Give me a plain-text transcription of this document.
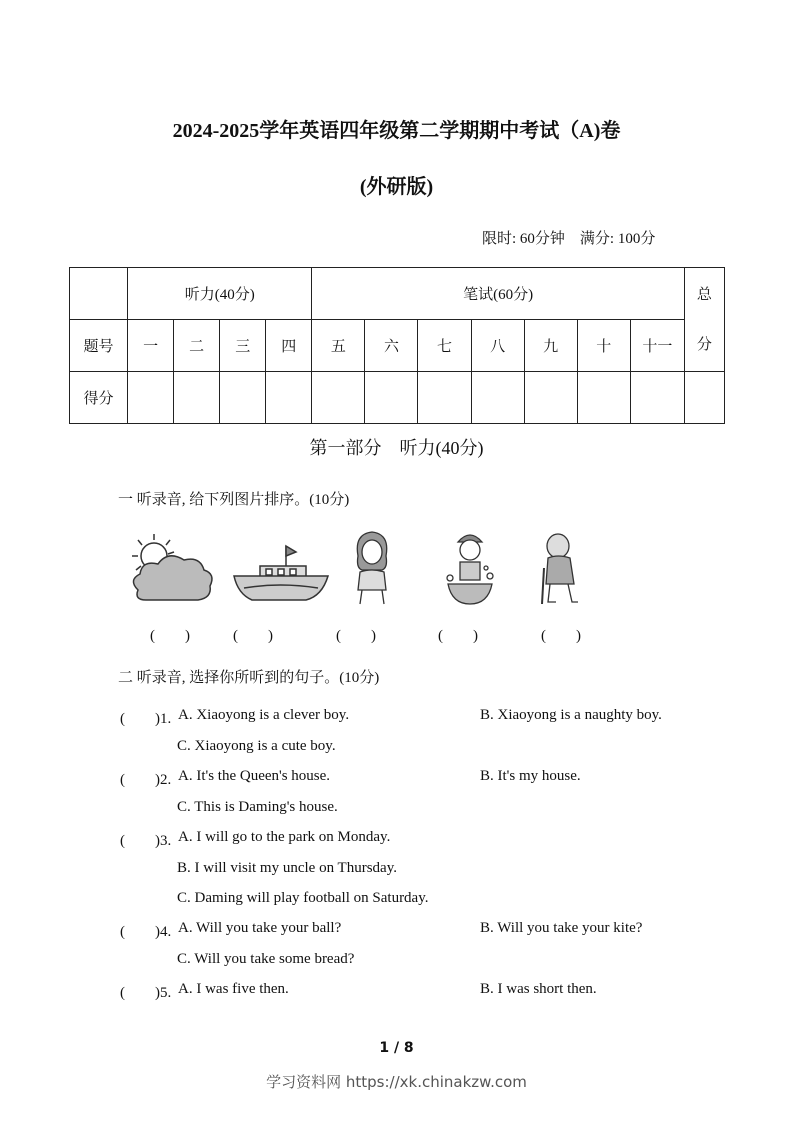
2024-2025学年英语四年级第二学期期中考试（A)卷
(外研版)
限时: 60分钟　满分: 100分
	听力(40分)				笔试(60分)							总分
题号	一	二	三	四	五	六	七	八	九	十	十一	
得分												
第一部分　听力(40分)
一 听录音, 给下列图片排序。(10分)
(　　)	(　　)	(　　)	(　　)	(　　)
二 听录音, 选择你所听到的句子。(10分)
(　　)1. A. Xiaoyong is a clever boy.	B. Xiaoyong is a naughty boy.
C. Xiaoyong is a cute boy.
(　　)2. A. It's the Queen's house.	B. It's my house.
C. This is Daming's house.
(　　)3. A. I will go to the park on Monday.
B. I will visit my uncle on Thursday.
C. Daming will play football on Saturday.
(　　)4. A. Will you take your ball?	B. Will you take your kite?
C. Will you take some bread?
(　　)5. A. I was five then.	B. I was short then.
1 / 8
学习资料网 https://xk.chinakzw.com
